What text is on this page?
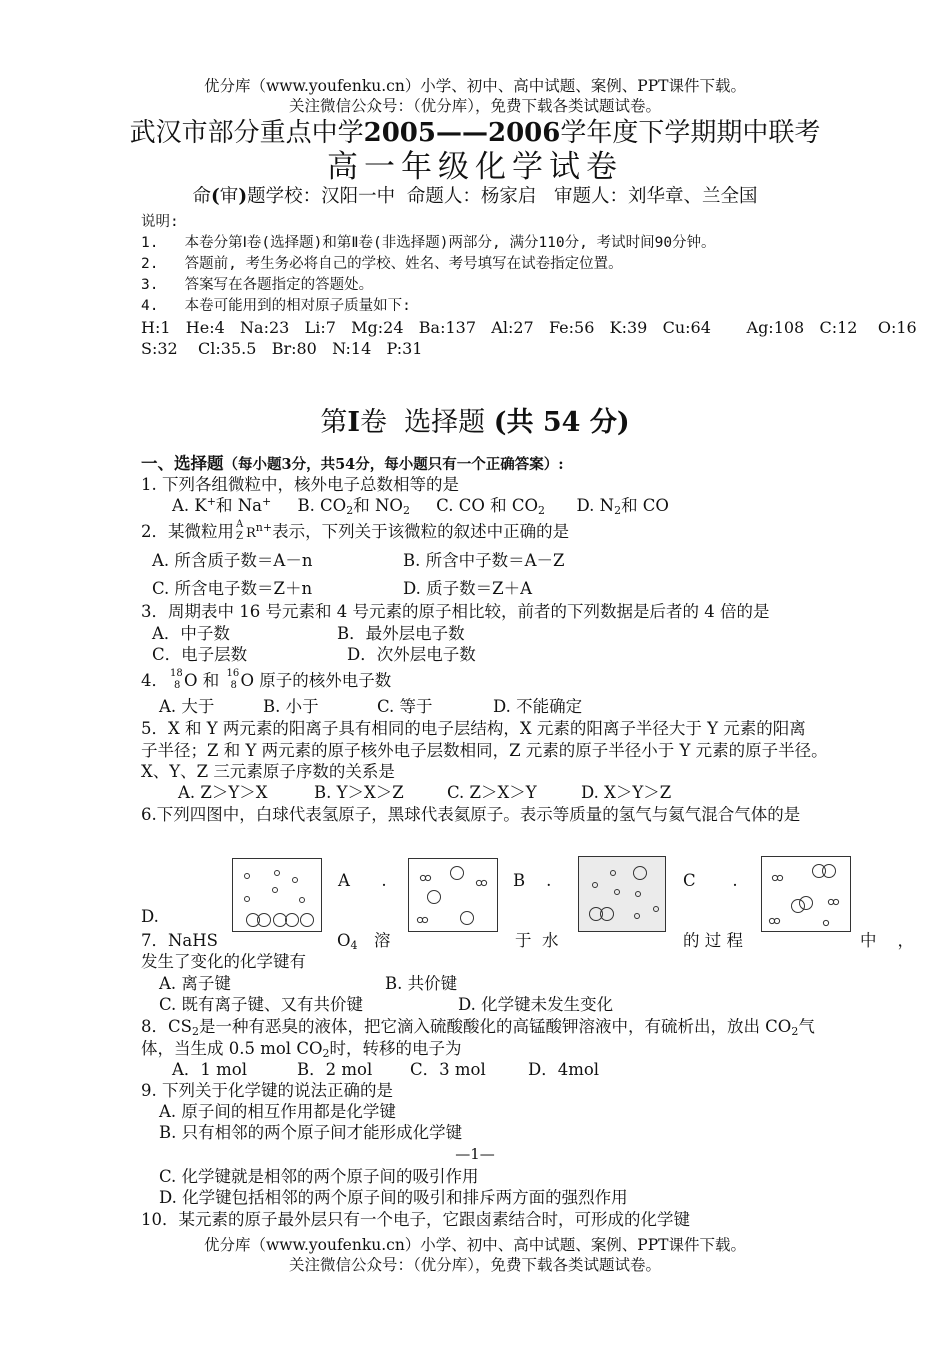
优分库（www.youfenku.cn）小学、初中、高中试题、案例、PPT课件下载。
关注微信公众号：（优分库），免费下载各类试题试卷。
武汉市部分重点中学2005——2006学年度下学期期中联考
高一年级化学试卷
命(审)题学校：汉阳一中  命题人：杨家启   审题人：刘华章、兰全国
说明:
1.   本卷分第Ⅰ卷(选择题)和第Ⅱ卷(非选择题)两部分, 满分110分, 考试时间90分钟。
2.   答题前, 考生务必将自己的学校、姓名、考号填写在试卷指定位置。
3.   答案写在各题指定的答题处。
4.   本卷可能用到的相对原子质量如下:
H:1   He:4   Na:23   Li:7   Mg:24   Ba:137   Al:27   Fe:56   K:39   Cu:64       Ag:108   C:12    O:16
S:32    Cl:35.5   Br:80   N:14   P:31
第I卷  选择题 (共 54 分)
一、选择题（每小题3分，共54分，每小题只有一个正确答案）:
1. 下列各组微粒中，核外电子总数相等的是
A. K+和 Na+ B. $CO_2$和 $NO_2$ C. CO 和 $CO_2$ D. $N_2$和 CO
2．某微粒用 A
Z $R^{n+}$表示，下列关于该微粒的叙述中正确的是
A. 所含质子数＝A－n	B. 所含中子数＝A－Z
C. 所含电子数＝Z＋n	D. 质子数＝Z＋A
3．周期表中 16 号元素和 4 号元素的原子相比较，前者的下列数据是后者的 4 倍的是
A．中子数	B．最外层电子数
C．电子层数	D．次外层电子数
4． 18
8 O 和 16
8 O 原子的核外电子数
A. 大于	B. 小于	C. 等于	D. 不能确定
5．X 和 Y 两元素的阳离子具有相同的电子层结构，X 元素的阳离子半径大于 Y 元素的阳离
子半径；Z 和 Y 两元素的原子核外电子层数相同，Z 元素的原子半径小于 Y 元素的原子半径。
X、Y、Z 三元素原子序数的关系是
A. Z＞Y＞X	B. Y＞X＞Z	C. Z＞X＞Y	D. X＞Y＞Z
6.下列四图中，白球代表氢原子，黑球代表氦原子。表示等质量的氢气与氦气混合气体的是
A      .	B    .	C       .
D.
7．NaHS	$O_4$ 溶	于  水	的 过 程	中    ，
发生了变化的化学键有
A. 离子键	B. 共价键
C. 既有离子键、又有共价键	D. 化学键未发生变化
8．$CS_2$是一种有恶臭的液体，把它滴入硫酸酸化的高锰酸钾溶液中，有硫析出，放出 $CO_2$气
体，当生成 0.5 mol $CO_2$时，转移的电子为
A．1 mol	B．2 mol C．3 mol	D．4mol
9. 下列关于化学键的说法正确的是
A. 原子间的相互作用都是化学键
B. 只有相邻的两个原子间才能形成化学键
—1—
C. 化学键就是相邻的两个原子间的吸引作用
D. 化学键包括相邻的两个原子间的吸引和排斥两方面的强烈作用
10．某元素的原子最外层只有一个电子，它跟卤素结合时，可形成的化学键
优分库（www.youfenku.cn）小学、初中、高中试题、案例、PPT课件下载。
关注微信公众号：（优分库），免费下载各类试题试卷。
